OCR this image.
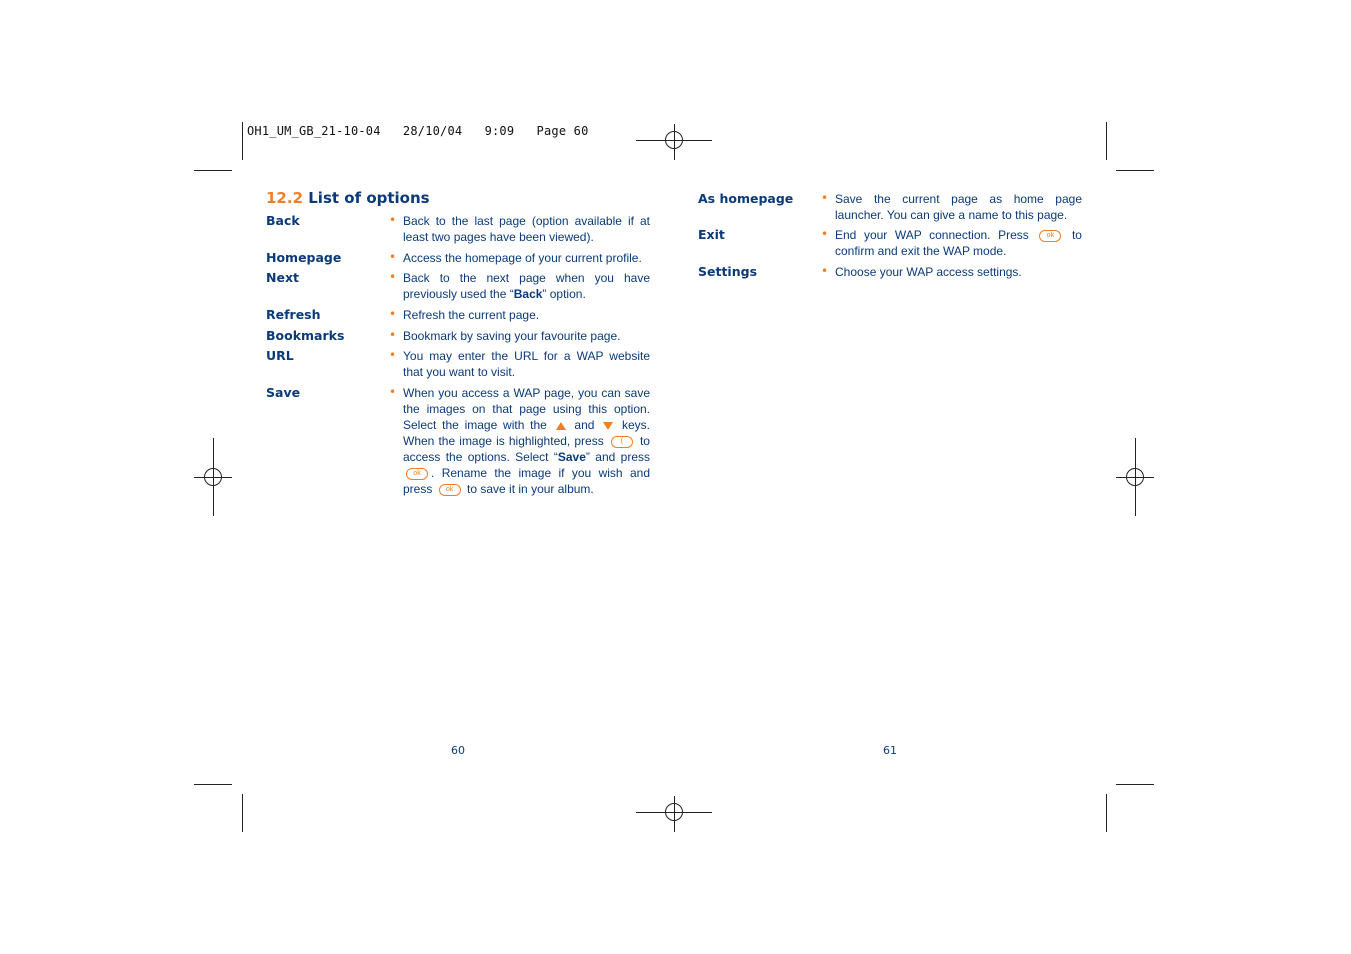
OH1_UM_GB_21-10-04   28/10/04   9:09   Page 60
12.2 List of options
Back	• Back to the last page (option available if at least two pages have been viewed).
Homepage	• Access the homepage of your current profile.
Next	• Back to the next page when you have previously used the “Back” option.
Refresh	• Refresh the current page.
Bookmarks	• Bookmark by saving your favourite page.
URL	• You may enter the URL for a WAP website that you want to visit.
Save	• When you access a WAP page, you can save the images on that page using this option. Select the image with the and keys. When the image is highlighted, press ( to access the options. Select “Save” and press ok . Rename the image if you wish and press ok to save it in your album.
60
As homepage • Save the current page as home page launcher. You can give a name to this page.
Exit	• End your WAP connection. Press	ok to confirm and exit the WAP mode.
Settings	• Choose your WAP access settings.
61
